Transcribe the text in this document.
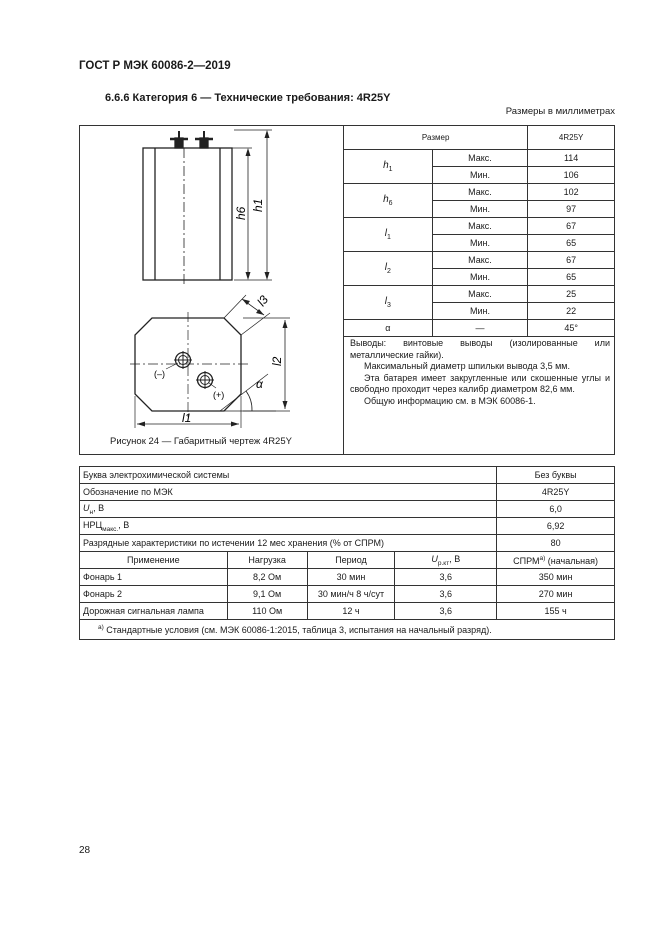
ГОСТ Р МЭК 60086-2—2019
6.6.6 Категория 6 — Технические требования: 4R25Y
Размеры в миллиметрах
h1
h6
l3
l2
l1
α
(–)
(+)
Рисунок 24 — Габаритный чертеж 4R25Y
Размер		4R25Y
$h_1$	Макс.	114
	Мин.	106
$h_6$	Макс.	102
	Мин.	97
$l_1$	Макс.	67
	Мин.	65
$l_2$	Макс.	67
	Мин.	65
$l_3$	Макс.	25
	Мин.	22
α	—	45°

Выводы: винтовые выводы (изолированные или металлические гайки).

Максимальный диаметр шпильки вывода 3,5 мм.

Эта батарея имеет закругленные или скошенные углы и свободно проходит через калибр диаметром 82,6 мм.

Общую информацию см. в МЭК 60086-1.

Буква электрохимической системы				Без буквы
Обозначение по МЭК				4R25Y
$U_н$, В				6,0
$НРЦ_{макс.}$, В				6,92
Разрядные характеристики по истечении 12 мес хранения (% от СПРМ)				80
Применение	Нагрузка	Период	$U_{р.кт}$, В	$СПРМ^{а)}$ (начальная)
Фонарь 1	8,2 Ом	30 мин	3,6	350 мин
Фонарь 2	9,1 Ом	30 мин/ч 8 ч/сут	3,6	270 мин
Дорожная сигнальная лампа	110 Ом	12 ч	3,6	155 ч
$^{а)}$ Стандартные условия (см. МЭК 60086-1:2015, таблица 3, испытания на начальный разряд).				
28
